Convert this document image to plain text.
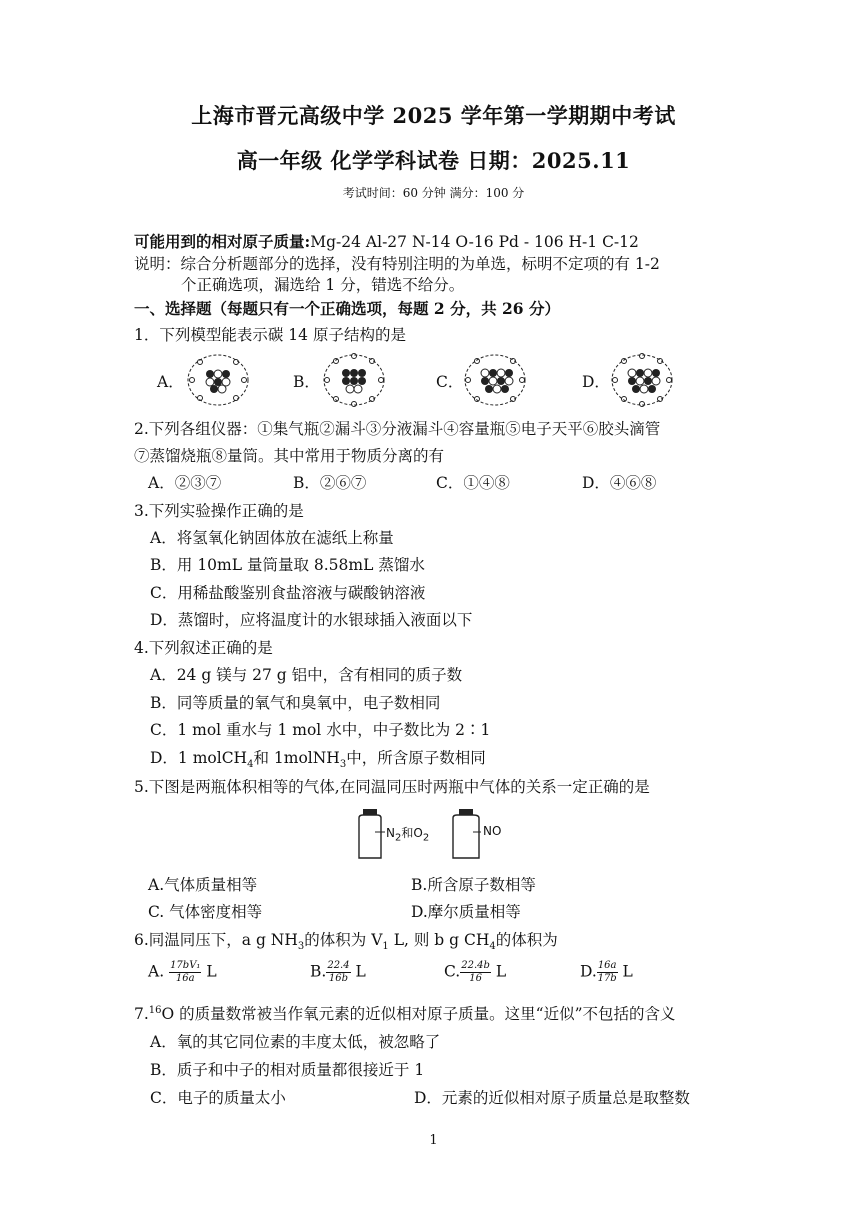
上海市晋元高级中学 2025 学年第一学期期中考试
高一年级 化学学科试卷 日期：2025.11
考试时间：60 分钟 满分：100 分
可能用到的相对原子质量:Mg-24 Al-27 N-14 O-16 Pd - 106 H-1 C-12
说明：综合分析题部分的选择，没有特别注明的为单选，标明不定项的有 1-2
个正确选项，漏选给 1 分，错选不给分。
一、选择题（每题只有一个正确选项，每题 2 分，共 26 分）
1．下列模型能表示碳 14 原子结构的是
A．	B．	C．	D．
2.下列各组仪器：①集气瓶②漏斗③分液漏斗④容量瓶⑤电子天平⑥胶头滴管
⑦蒸馏烧瓶⑧量筒。其中常用于物质分离的有
A．②③⑦	B．②⑥⑦	C．①④⑧	D．④⑥⑧
3.下列实验操作正确的是
A．将氢氧化钠固体放在滤纸上称量
B．用 10mL 量筒量取 8.58mL 蒸馏水
C．用稀盐酸鉴别食盐溶液与碳酸钠溶液
D．蒸馏时，应将温度计的水银球插入液面以下
4.下列叙述正确的是
A．24 g 镁与 27 g 铝中，含有相同的质子数
B．同等质量的氧气和臭氧中，电子数相同
C．1 mol 重水与 1 mol 水中，中子数比为 2∶1
D．1 molCH$_4$和 1molNH$_3$中，所含原子数相同
5.下图是两瓶体积相等的气体,在同温同压时两瓶中气体的关系一定正确的是
$N_2$和$O_2$	NO
A.气体质量相等	B.所含原子数相等
C. 气体密度相等	D.摩尔质量相等
6.同温同压下，a g $NH_3$的体积为 $V_1$ L, 则 b g $CH_4$的体积为
A. $\frac{\text{17bV₁}}{16a}$ L	B. $\frac{22.4}{16b}$ L	C. $\frac{22.4b}{16}$ L	D. $\frac{16a}{17b}$ L
7.16O 的质量数常被当作氧元素的近似相对原子质量。这里“近似”不包括的含义
A．氧的其它同位素的丰度太低，被忽略了
B．质子和中子的相对质量都很接近于 1
C．电子的质量太小	D．元素的近似相对原子质量总是取整数
1
